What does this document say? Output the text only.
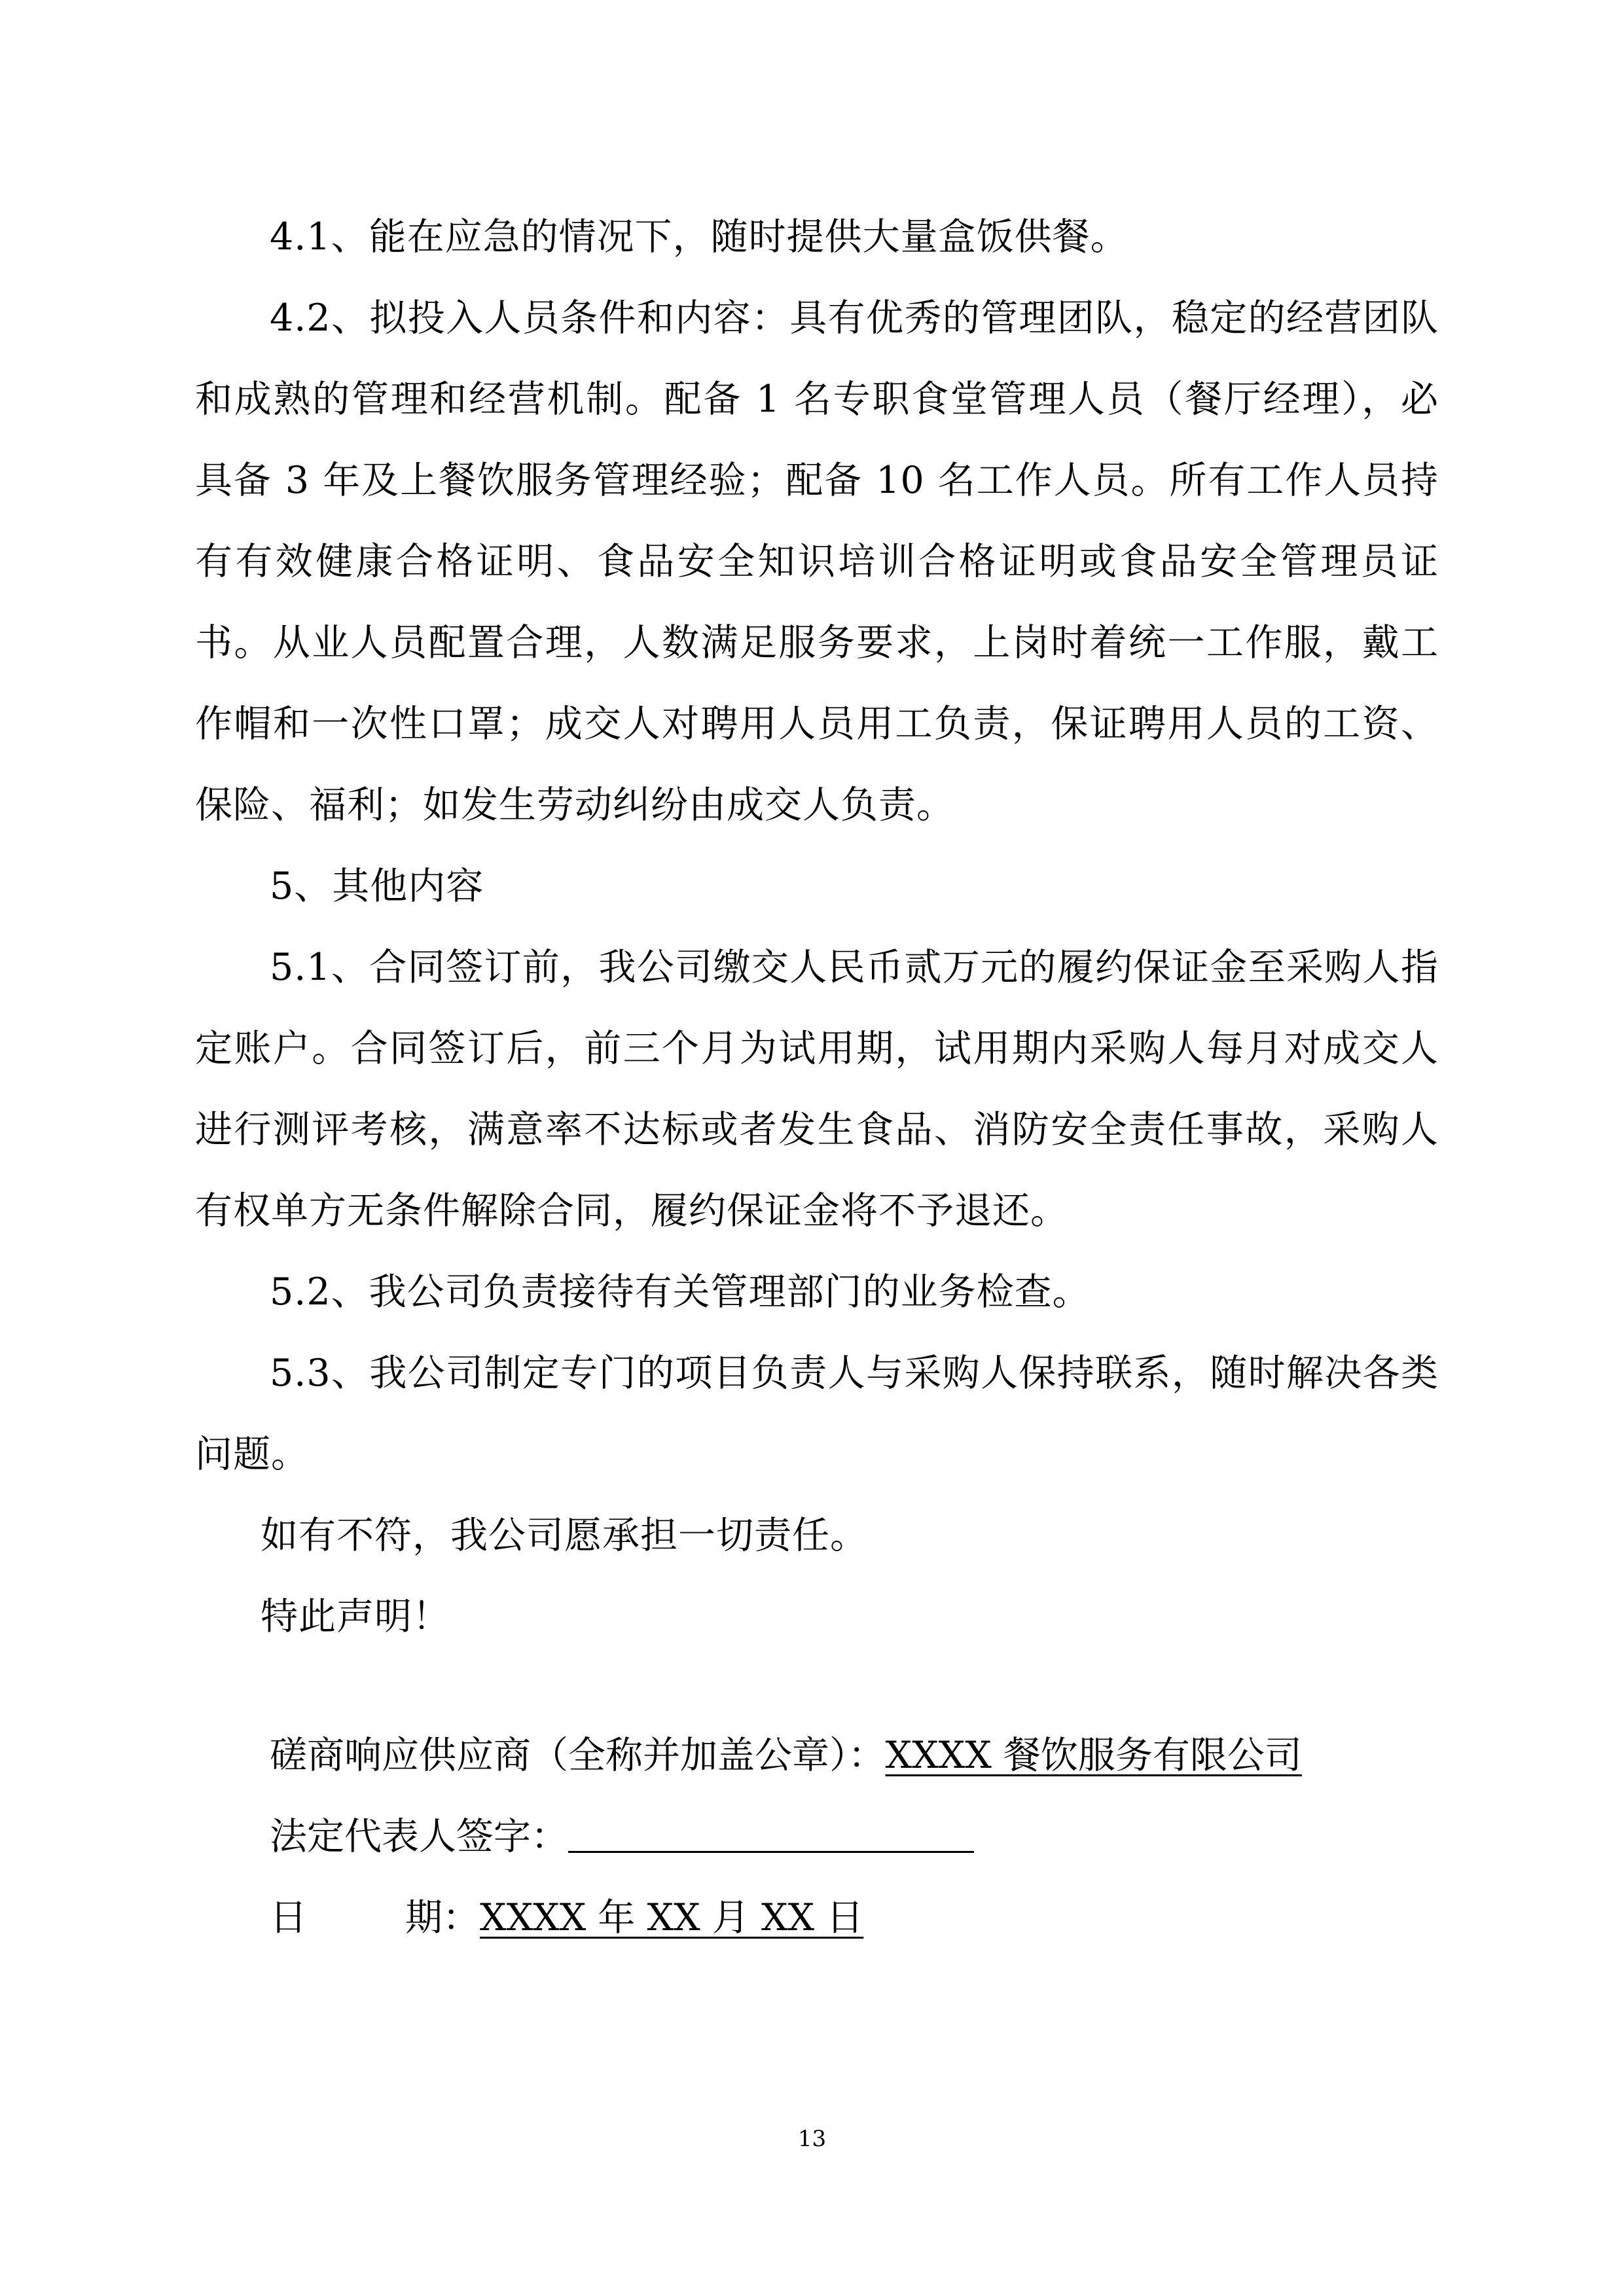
4.1、能在应急的情况下，随时提供大量盒饭供餐。

4.2、拟投入人员条件和内容：具有优秀的管理团队，稳定的经营团队和成熟的管理和经营机制。配备 1 名专职食堂管理人员（餐厅经理），必具备 3 年及上餐饮服务管理经验；配备 10 名工作人员。所有工作人员持有有效健康合格证明、食品安全知识培训合格证明或食品安全管理员证书。从业人员配置合理，人数满足服务要求，上岗时着统一工作服，戴工作帽和一次性口罩；成交人对聘用人员用工负责，保证聘用人员的工资、保险、福利；如发生劳动纠纷由成交人负责。

5、其他内容

5.1、合同签订前，我公司缴交人民币贰万元的履约保证金至采购人指定账户。合同签订后，前三个月为试用期，试用期内采购人每月对成交人进行测评考核，满意率不达标或者发生食品、消防安全责任事故，采购人有权单方无条件解除合同，履约保证金将不予退还。

5.2、我公司负责接待有关管理部门的业务检查。

5.3、我公司制定专门的项目负责人与采购人保持联系，随时解决各类问题。

如有不符，我公司愿承担一切责任。

特此声明！

磋商响应供应商（全称并加盖公章）：XXXX 餐饮服务有限公司
法定代表人签字：
日	期：XXXX 年 XX 月 XX 日
13
